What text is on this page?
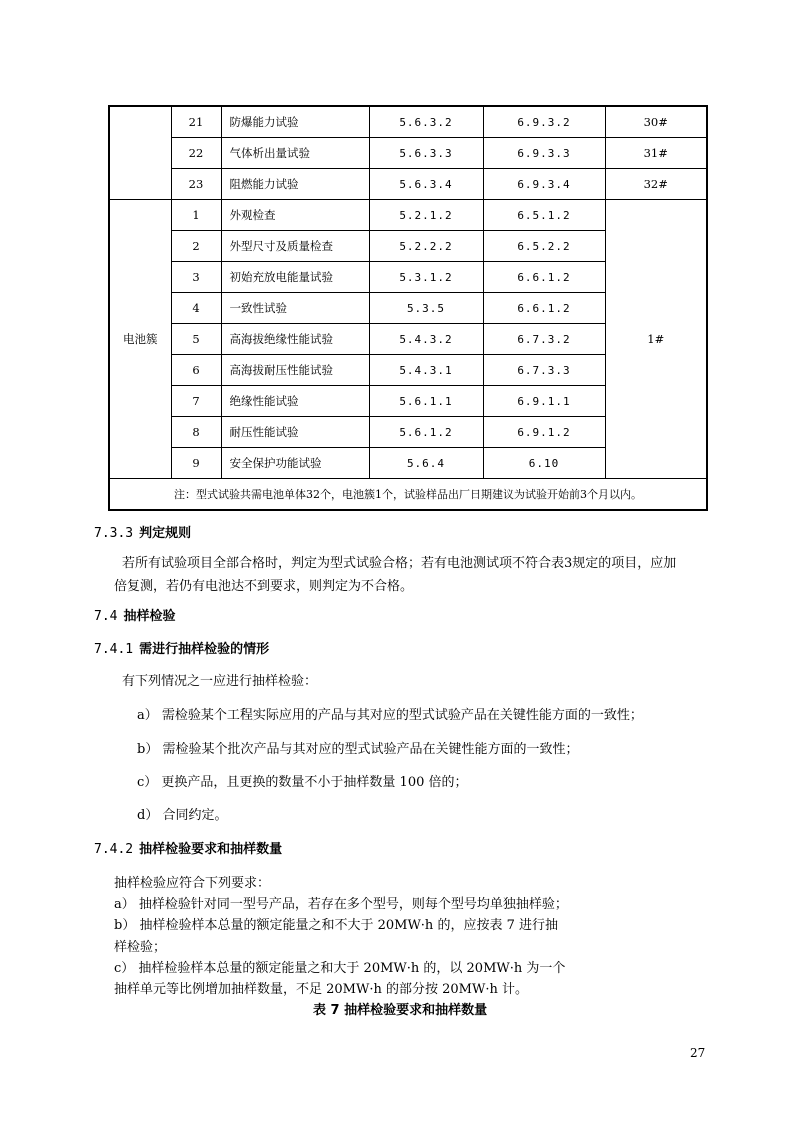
	21	防爆能力试验	5.6.3.2	6.9.3.2	30#
	22	气体析出量试验	5.6.3.3	6.9.3.3	31#
	23	阻燃能力试验	5.6.3.4	6.9.3.4	32#
电池簇	1	外观检查	5.2.1.2	6.5.1.2	1#
	2	外型尺寸及质量检查	5.2.2.2	6.5.2.2	
	3	初始充放电能量试验	5.3.1.2	6.6.1.2	
	4	一致性试验	5.3.5	6.6.1.2	
	5	高海拔绝缘性能试验	5.4.3.2	6.7.3.2	
	6	高海拔耐压性能试验	5.4.3.1	6.7.3.3	
	7	绝缘性能试验	5.6.1.1	6.9.1.1	
	8	耐压性能试验	5.6.1.2	6.9.1.2	
	9	安全保护功能试验	5.6.4	6.10	
注：型式试验共需电池单体32个，电池簇1个，试验样品出厂日期建议为试验开始前3个月以内。					
7.3.3 判定规则
若所有试验项目全部合格时，判定为型式试验合格；若有电池测试项不符合表3规定的项目，应加
倍复测，若仍有电池达不到要求，则判定为不合格。
7.4 抽样检验
7.4.1 需进行抽样检验的情形
有下列情况之一应进行抽样检验：
a） 需检验某个工程实际应用的产品与其对应的型式试验产品在关键性能方面的一致性；
b） 需检验某个批次产品与其对应的型式试验产品在关键性能方面的一致性；
c） 更换产品，且更换的数量不小于抽样数量 100 倍的；
d） 合同约定。
7.4.2 抽样检验要求和抽样数量
抽样检验应符合下列要求：
a） 抽样检验针对同一型号产品，若存在多个型号，则每个型号均单独抽样验；
b） 抽样检验样本总量的额定能量之和不大于 20MW·h 的，应按表 7 进行抽
样检验；
c） 抽样检验样本总量的额定能量之和大于 20MW·h 的，以 20MW·h 为一个
抽样单元等比例增加抽样数量，不足 20MW·h 的部分按 20MW·h 计。
表 7 抽样检验要求和抽样数量
27
